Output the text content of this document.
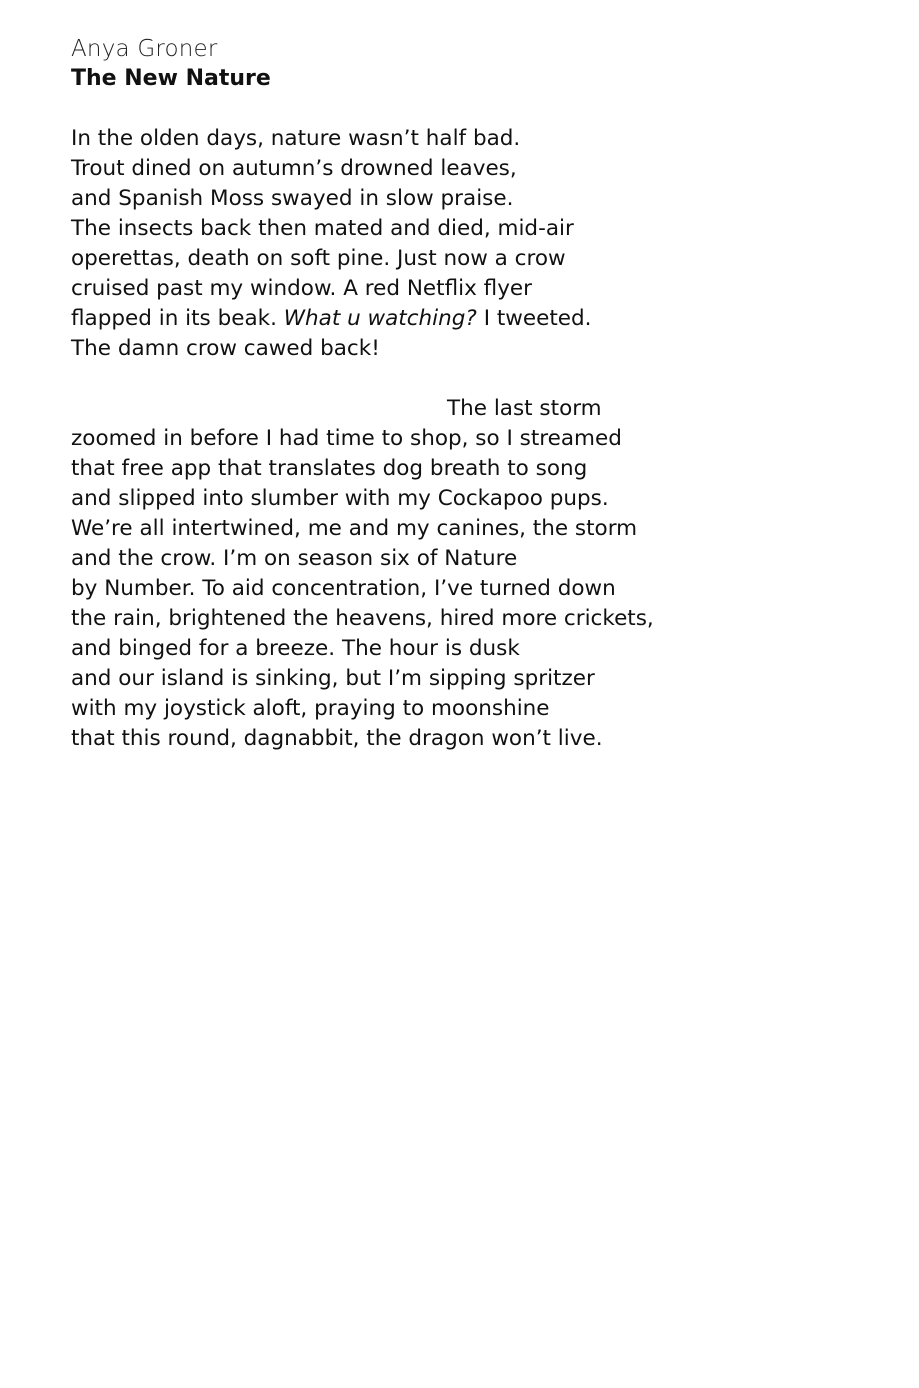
Anya Groner
The New Nature
In the olden days, nature wasn’t half bad.
Trout dined on autumn’s drowned leaves,
and Spanish Moss swayed in slow praise.
The insects back then mated and died, mid-air
operettas, death on soft pine. Just now a crow
cruised past my window. A red Netflix flyer
flapped in its beak. What u watching? I tweeted.
The damn crow cawed back!
The last storm
zoomed in before I had time to shop, so I streamed
that free app that translates dog breath to song
and slipped into slumber with my Cockapoo pups.
We’re all intertwined, me and my canines, the storm
and the crow. I’m on season six of Nature
by Number. To aid concentration, I’ve turned down
the rain, brightened the heavens, hired more crickets,
and binged for a breeze. The hour is dusk
and our island is sinking, but I’m sipping spritzer
with my joystick aloft, praying to moonshine
that this round, dagnabbit, the dragon won’t live.
